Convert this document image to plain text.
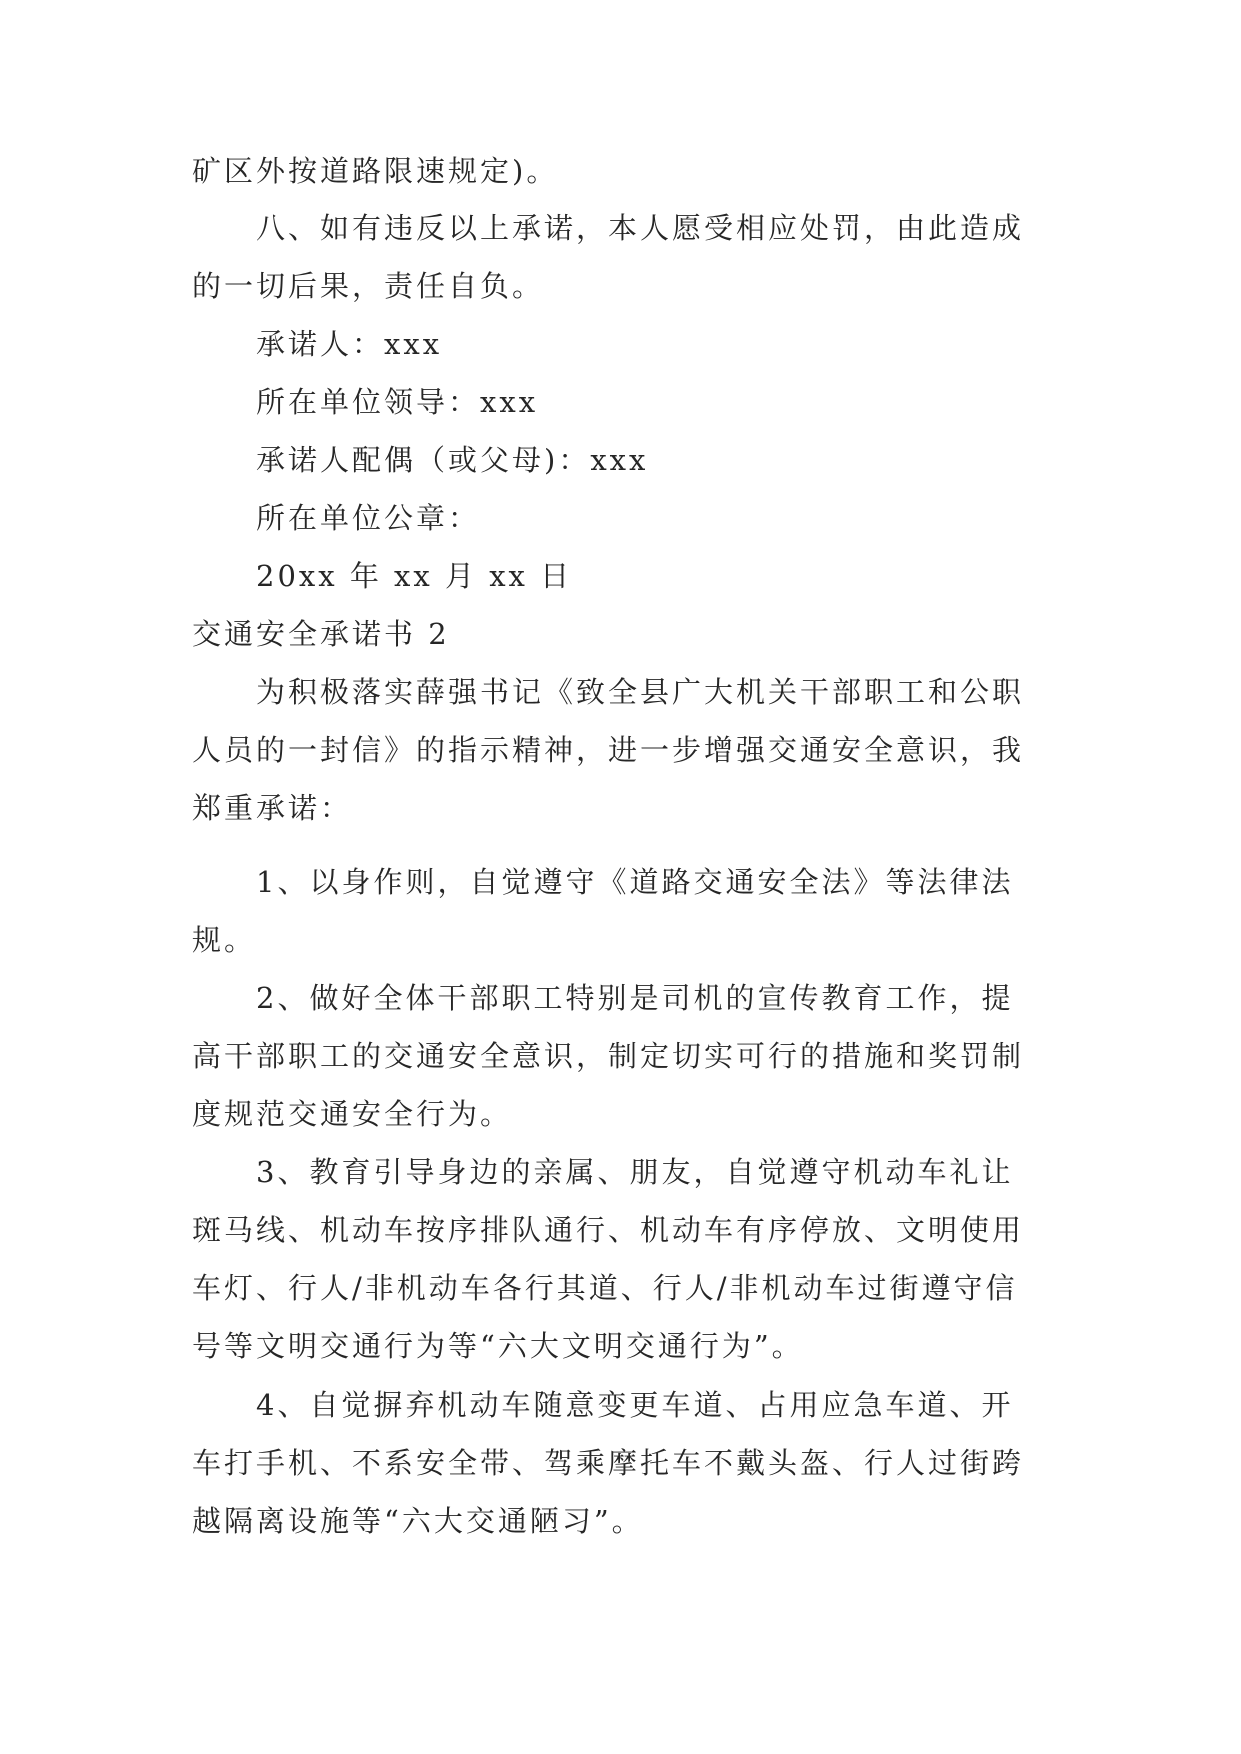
矿区外按道路限速规定)。
八、如有违反以上承诺，本人愿受相应处罚，由此造成
的一切后果，责任自负。
承诺人：xxx
所在单位领导：xxx
承诺人配偶（或父母)：xxx
所在单位公章：
20xx 年 xx 月 xx 日
交通安全承诺书 2
为积极落实薛强书记《致全县广大机关干部职工和公职
人员的一封信》的指示精神，进一步增强交通安全意识，我
郑重承诺：
1、以身作则，自觉遵守《道路交通安全法》等法律法
规。
2、做好全体干部职工特别是司机的宣传教育工作，提
高干部职工的交通安全意识，制定切实可行的措施和奖罚制
度规范交通安全行为。
3、教育引导身边的亲属、朋友，自觉遵守机动车礼让
斑马线、机动车按序排队通行、机动车有序停放、文明使用
车灯、行人/非机动车各行其道、行人/非机动车过街遵守信
号等文明交通行为等“六大文明交通行为”。
4、自觉摒弃机动车随意变更车道、占用应急车道、开
车打手机、不系安全带、驾乘摩托车不戴头盔、行人过街跨
越隔离设施等“六大交通陋习”。
